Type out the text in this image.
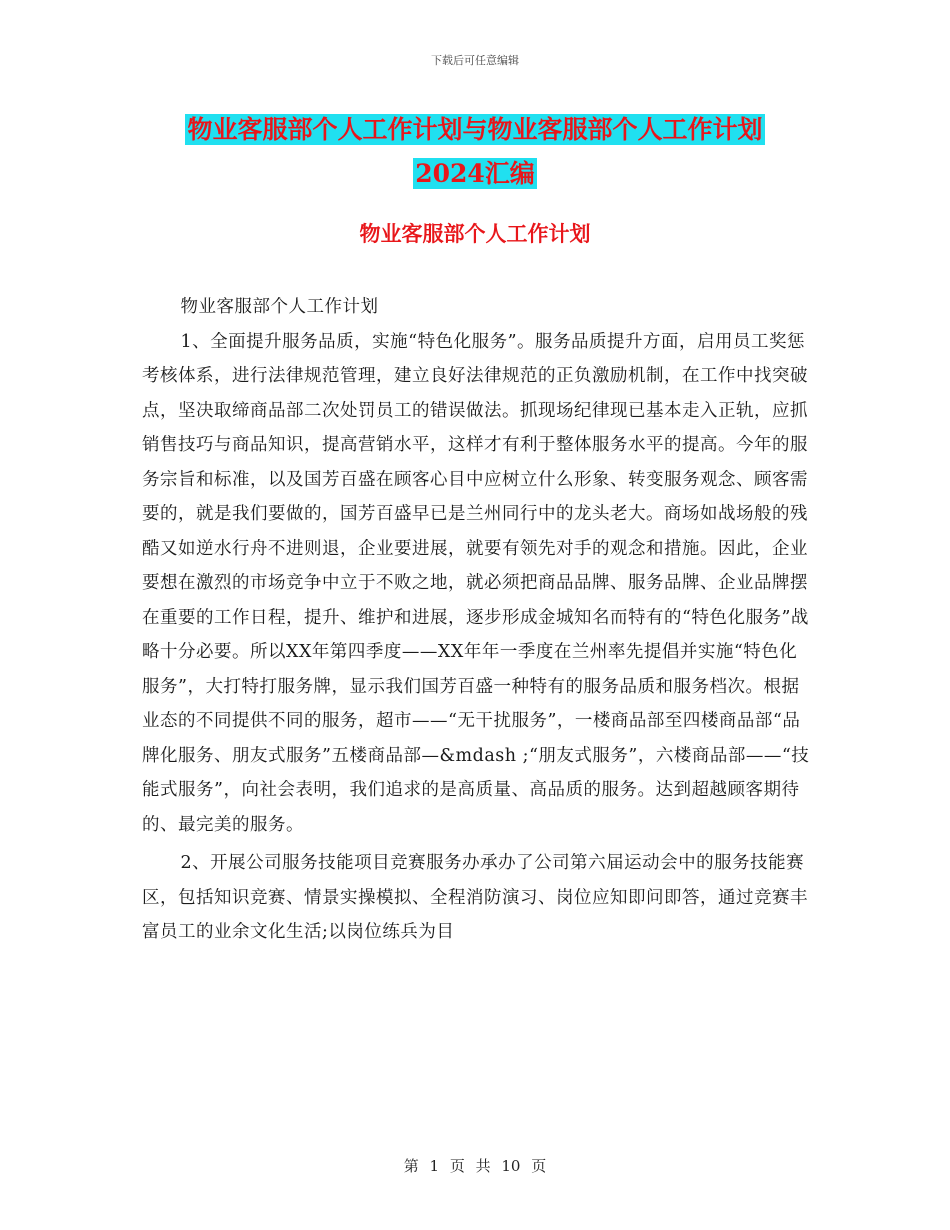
下载后可任意编辑
物业客服部个人工作计划与物业客服部个人工作计划
2024汇编
物业客服部个人工作计划

物业客服部个人工作计划

1、全面提升服务品质，实施“特色化服务”。服务品质提升方面，启用员工奖惩考核体系，进行法律规范管理，建立良好法律规范的正负激励机制，在工作中找突破点，坚决取缔商品部二次处罚员工的错误做法。抓现场纪律现已基本走入正轨，应抓销售技巧与商品知识，提高营销水平，这样才有利于整体服务水平的提高。今年的服务宗旨和标准，以及国芳百盛在顾客心目中应树立什么形象、转变服务观念、顾客需要的，就是我们要做的，国芳百盛早已是兰州同行中的龙头老大。商场如战场般的残酷又如逆水行舟不进则退，企业要进展，就要有领先对手的观念和措施。因此，企业要想在激烈的市场竞争中立于不败之地，就必须把商品品牌、服务品牌、企业品牌摆在重要的工作日程，提升、维护和进展，逐步形成金城知名而特有的“特色化服务”战略十分必要。所以XX年第四季度——XX年年一季度在兰州率先提倡并实施“特色化服务”，大打特打服务牌，显示我们国芳百盛一种特有的服务品质和服务档次。根据业态的不同提供不同的服务，超市——“无干扰服务”，一楼商品部至四楼商品部“品牌化服务、朋友式服务”五楼商品部—&mdash ;“朋友式服务”，六楼商品部——“技能式服务”，向社会表明，我们追求的是高质量、高品质的服务。达到超越顾客期待的、最完美的服务。

2、开展公司服务技能项目竞赛服务办承办了公司第六届运动会中的服务技能赛区，包括知识竞赛、情景实操模拟、全程消防演习、岗位应知即问即答，通过竞赛丰富员工的业余文化生活;以岗位练兵为目

第 1 页 共 10 页
